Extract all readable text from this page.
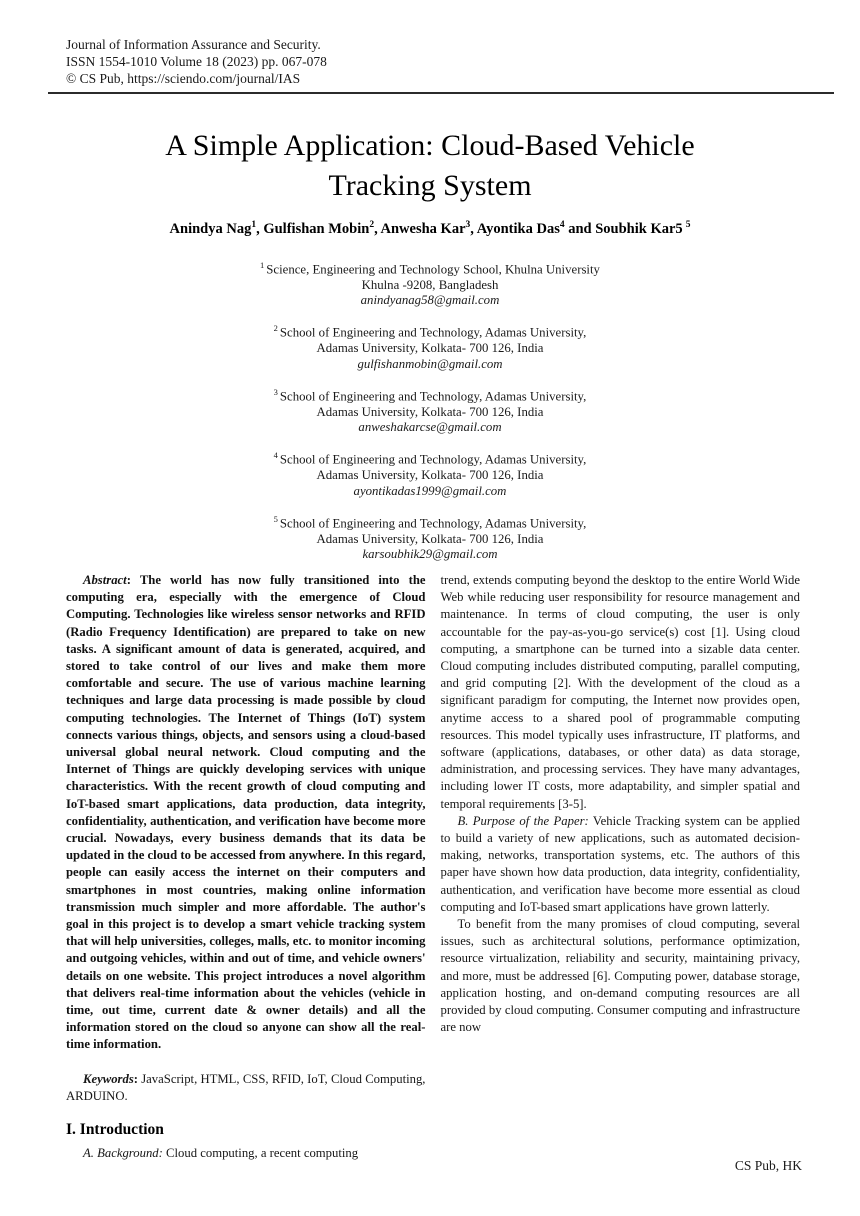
Journal of Information Assurance and Security.
ISSN 1554-1010 Volume 18 (2023) pp. 067-078
© CS Pub, https://sciendo.com/journal/IAS
A Simple Application: Cloud-Based Vehicle
Tracking System
Anindya Nag$^1$, Gulfishan Mobin$^2$, Anwesha Kar$^3$, Ayontika Das$^4$ and Soubhik Kar5 $^5$
$^1$ Science, Engineering and Technology School, Khulna University
Khulna -9208, Bangladesh
anindyanag58@gmail.com
$^2$ School of Engineering and Technology, Adamas University,
Adamas University, Kolkata- 700 126, India
gulfishanmobin@gmail.com
$^3$ School of Engineering and Technology, Adamas University,
Adamas University, Kolkata- 700 126, India
anweshakarcse@gmail.com
$^4$ School of Engineering and Technology, Adamas University,
Adamas University, Kolkata- 700 126, India
ayontikadas1999@gmail.com
$^5$ School of Engineering and Technology, Adamas University,
Adamas University, Kolkata- 700 126, India
karsoubhik29@gmail.com

Abstract: The world has now fully transitioned into the computing era, especially with the emergence of Cloud Computing. Technologies like wireless sensor networks and RFID (Radio Frequency Identification) are prepared to take on new tasks. A significant amount of data is generated, acquired, and stored to take control of our lives and make them more comfortable and secure. The use of various machine learning techniques and large data processing is made possible by cloud computing technologies. The Internet of Things (IoT) system connects various things, objects, and sensors using a cloud-based universal global neural network. Cloud computing and the Internet of Things are quickly developing services with unique characteristics. With the recent growth of cloud computing and IoT-based smart applications, data production, data integrity, confidentiality, authentication, and verification have become more crucial. Nowadays, every business demands that its data be updated in the cloud to be accessed from anywhere. In this regard, people can easily access the internet on their computers and smartphones in most countries, making online information transmission much simpler and more affordable. The author's goal in this project is to develop a smart vehicle tracking system that will help universities, colleges, malls, etc. to monitor incoming and outgoing vehicles, within and out of time, and vehicle owners' details on one website. This project introduces a novel algorithm that delivers real-time information about the vehicles (vehicle in time, out time, current date & owner details) and all the information stored on the cloud so anyone can show all the real-time information.

Keywords: JavaScript, HTML, CSS, RFID, IoT, Cloud Computing, ARDUINO.

I. Introduction

A. Background: Cloud computing, a recent computing

trend, extends computing beyond the desktop to the entire World Wide Web while reducing user responsibility for resource management and maintenance. In terms of cloud computing, the user is only accountable for the pay-as-you-go service(s) cost [1]. Using cloud computing, a smartphone can be turned into a sizable data center. Cloud computing includes distributed computing, parallel computing, and grid computing [2]. With the development of the cloud as a significant paradigm for computing, the Internet now provides open, anytime access to a shared pool of programmable computing resources. This model typically uses infrastructure, IT platforms, and software (applications, databases, or other data) as data storage, administration, and processing services. They have many advantages, including lower IT costs, more adaptability, and simpler spatial and temporal requirements [3-5].

B. Purpose of the Paper: Vehicle Tracking system can be applied to build a variety of new applications, such as automated decision-making, networks, transportation systems, etc. The authors of this paper have shown how data production, data integrity, confidentiality, authentication, and verification have become more essential as cloud computing and IoT-based smart applications have grown latterly.

To benefit from the many promises of cloud computing, several issues, such as architectural solutions, performance optimization, resource virtualization, reliability and security, maintaining privacy, and more, must be addressed [6]. Computing power, database storage, application hosting, and on-demand computing resources are all provided by cloud computing. Consumer computing and infrastructure are now

CS Pub, HK
